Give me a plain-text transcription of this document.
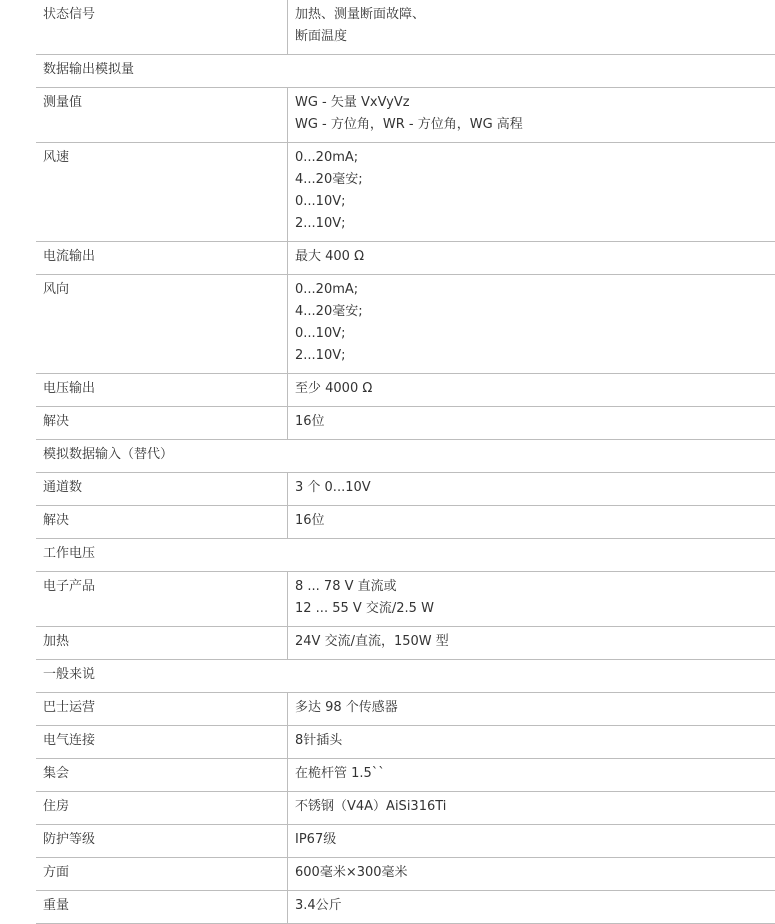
状态信号	加热、测量断面故障、
断面温度

数据输出模拟量	
测量值	WG - 矢量 VxVyVz
WG - 方位角，WR - 方位角，WG 高程

风速	0...20mA;
4...20毫安;
0...10V;
2...10V;

电流输出	最大 400 Ω

风向	0...20mA;
4...20毫安;
0...10V;
2...10V;

电压输出	至少 4000 Ω

解决	16位

模拟数据输入（替代）	
通道数	3 个 0...10V

解决	16位

工作电压	
电子产品	8 ... 78 V 直流或
12 ... 55 V 交流/2.5 W

加热	24V 交流/直流，150W 型

一般来说	
巴士运营	多达 98 个传感器

电气连接	8针插头

集会	在桅杆管 1.5``

住房	不锈钢（V4A）AiSi316Ti

防护等级	IP67级

方面	600毫米×300毫米

重量	3.4公斤
